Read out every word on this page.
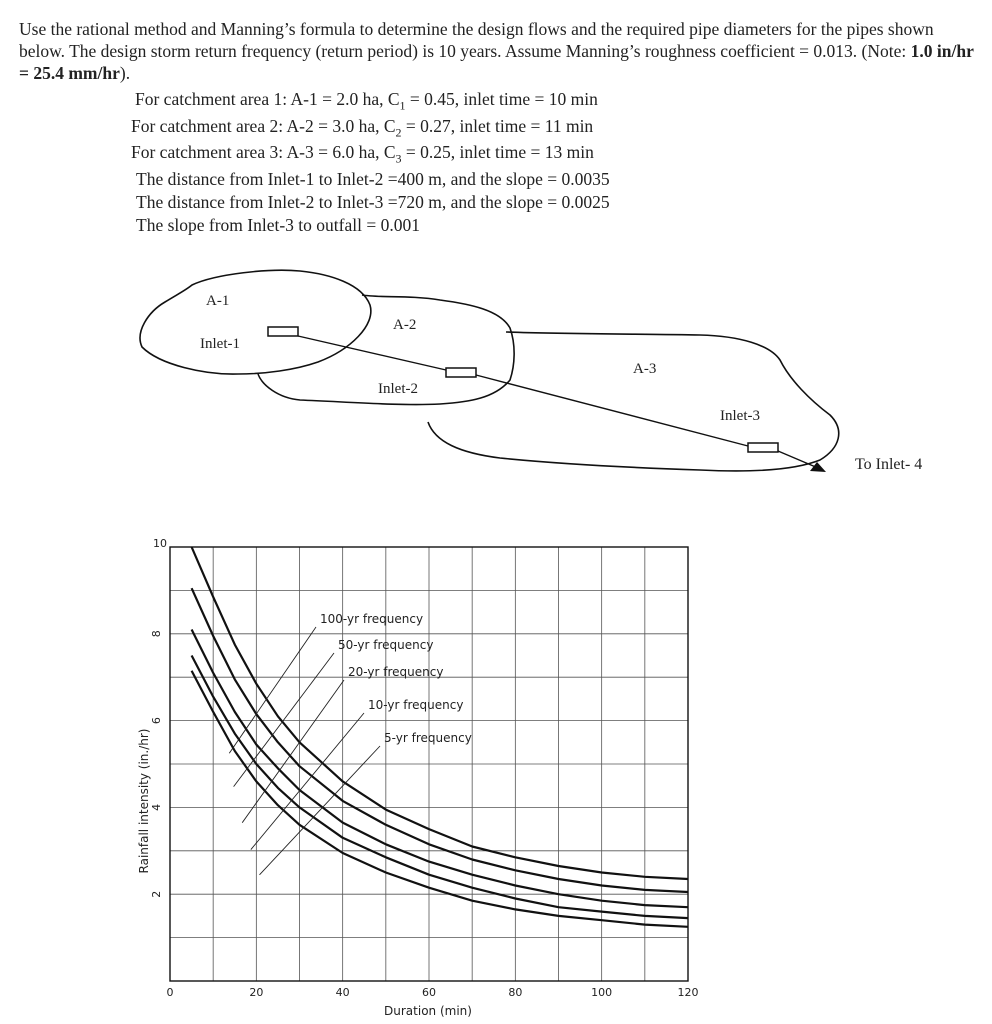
Use the rational method and Manning’s formula to determine the design flows and the required pipe diameters for the pipes shown below. The design storm return frequency (return period) is 10 years. Assume Manning’s roughness coefficient = 0.013. (Note: 1.0 in/hr = 25.4 mm/hr).

For catchment area 1: A-1 = 2.0 ha, $C_1 = 0.45$, inlet time = 10 min

For catchment area 2: A-2 = 3.0 ha, $C_2 = 0.27$, inlet time = 11 min

For catchment area 3: A-3 = 6.0 ha, $C_3 = 0.25$, inlet time = 13 min

The distance from Inlet-1 to Inlet-2 =400 m, and the slope = 0.0035

The distance from Inlet-2 to Inlet-3 =720 m, and the slope = 0.0025

The slope from Inlet-3 to outfall = 0.001

A-1
Inlet-1
A-2
Inlet-2
A-3
Inlet-3
To Inlet- 4
0	20	40	60	80	100	120
2
4
6
8
10
100-yr frequency
50-yr frequency
20-yr frequency
10-yr frequency
5-yr frequency
Duration (min)
Rainfall intensity (in./hr)
